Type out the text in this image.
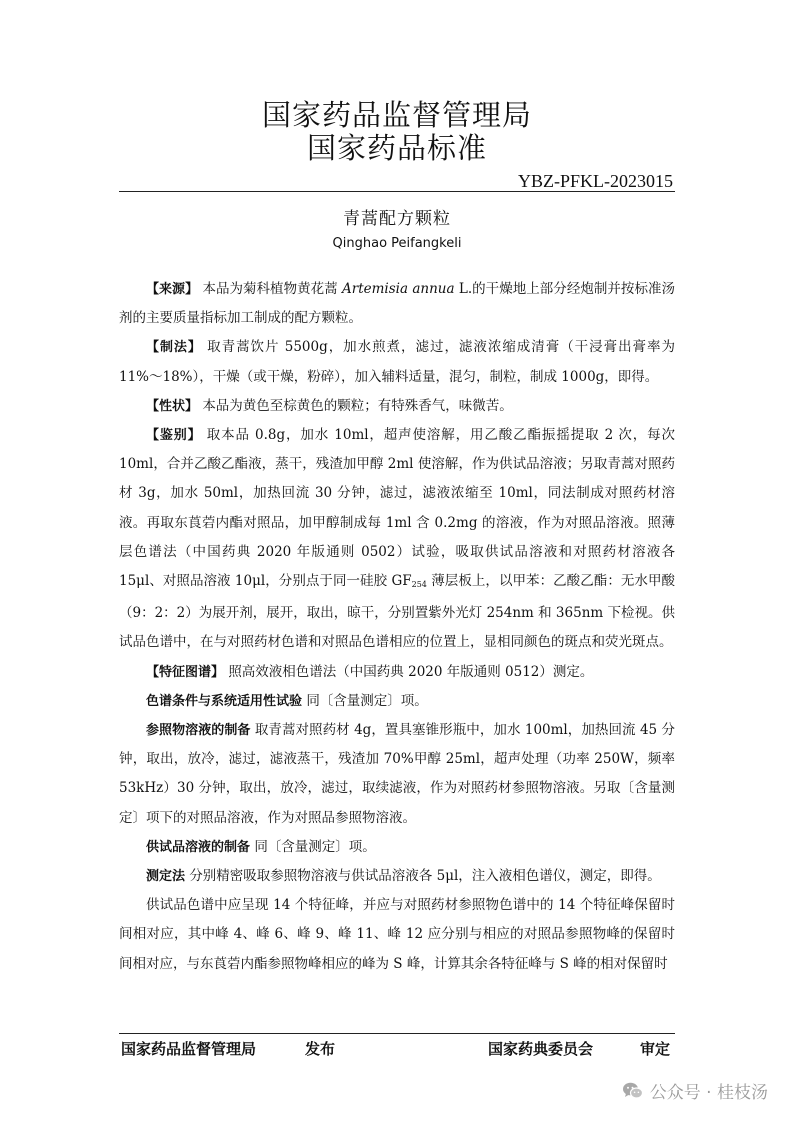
国家药品监督管理局
国家药品标准
YBZ-PFKL-2023015
青蒿配方颗粒
Qinghao Peifangkeli

【来源】 本品为菊科植物黄花蒿 Artemisia annua L.的干燥地上部分经炮制并按标准汤剂的主要质量指标加工制成的配方颗粒。

【制法】 取青蒿饮片 5500g，加水煎煮，滤过，滤液浓缩成清膏（干浸膏出膏率为 11%～18%），干燥（或干燥，粉碎），加入辅料适量，混匀，制粒，制成 1000g，即得。

【性状】 本品为黄色至棕黄色的颗粒；有特殊香气，味微苦。

【鉴别】 取本品 0.8g，加水 10ml，超声使溶解，用乙酸乙酯振摇提取 2 次，每次 10ml，合并乙酸乙酯液，蒸干，残渣加甲醇 2ml 使溶解，作为供试品溶液；另取青蒿对照药材 3g，加水 50ml，加热回流 30 分钟，滤过，滤液浓缩至 10ml，同法制成对照药材溶液。再取东莨菪内酯对照品，加甲醇制成每 1ml 含 0.2mg 的溶液，作为对照品溶液。照薄层色谱法（中国药典 2020 年版通则 0502）试验，吸取供试品溶液和对照药材溶液各 15μl、对照品溶液 10μl，分别点于同一硅胶 $GF_{254}$ 薄层板上，以甲苯：乙酸乙酯：无水甲酸（9：2：2）为展开剂，展开，取出，晾干，分别置紫外光灯 254nm 和 365nm 下检视。供试品色谱中，在与对照药材色谱和对照品色谱相应的位置上，显相同颜色的斑点和荧光斑点。

【特征图谱】 照高效液相色谱法（中国药典 2020 年版通则 0512）测定。

色谱条件与系统适用性试验 同〔含量测定〕项。

参照物溶液的制备 取青蒿对照药材 4g，置具塞锥形瓶中，加水 100ml，加热回流 45 分钟，取出，放冷，滤过，滤液蒸干，残渣加 70%甲醇 25ml，超声处理（功率 250W，频率 53kHz）30 分钟，取出，放冷，滤过，取续滤液，作为对照药材参照物溶液。另取〔含量测定〕项下的对照品溶液，作为对照品参照物溶液。

供试品溶液的制备 同〔含量测定〕项。

测定法 分别精密吸取参照物溶液与供试品溶液各 5μl，注入液相色谱仪，测定，即得。

供试品色谱中应呈现 14 个特征峰，并应与对照药材参照物色谱中的 14 个特征峰保留时间相对应，其中峰 4、峰 6、峰 9、峰 11、峰 12 应分别与相应的对照品参照物峰的保留时间相对应，与东莨菪内酯参照物峰相应的峰为 S 峰，计算其余各特征峰与 S 峰的相对保留时

国家药品监督管理局	发布	国家药典委员会	审定
公众号 · 桂枝汤
